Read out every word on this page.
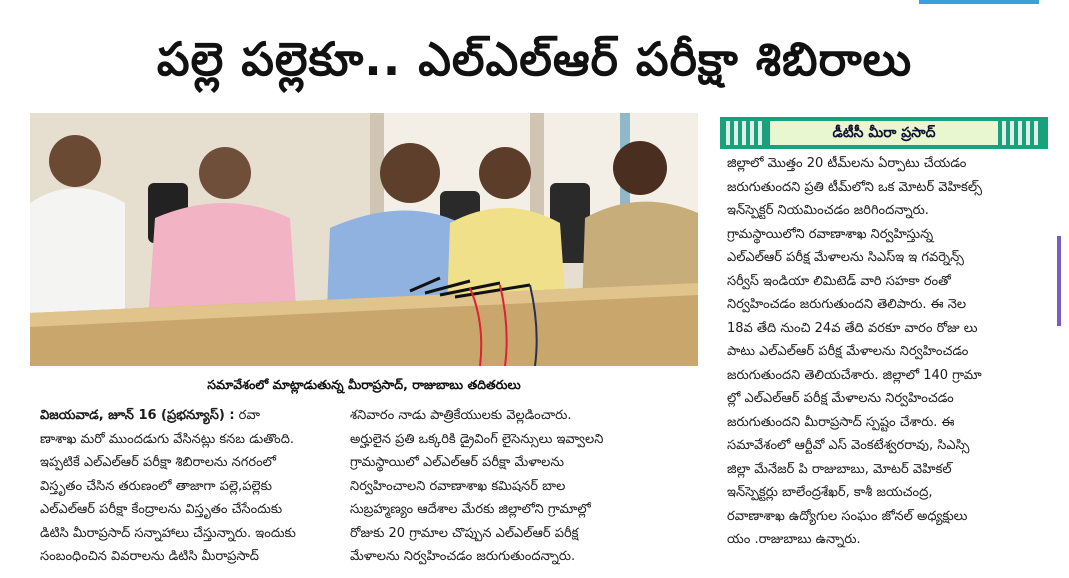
పల్లె పల్లెకూ.. ఎల్‌ఎల్‌ఆర్ పరీక్షా శిబిరాలు
సమావేశంలో మాట్లాడుతున్న మీరాప్రసాద్, రాజుబాబు తదితరులు
డీటీసీ మీరా ప్రసాద్

విజయవాడ, జూన్ 16 (ప్రభన్యూస్) : రవా

ణాశాఖ మరో ముందడుగు వేసినట్లు కనబ డుతొంది.

ఇప్పటికే ఎల్ఎల్ఆర్ పరీక్షా శిబిరాలను నగరంలో

విస్తృతం చేసిన తరుణంలో తాజాగా పల్లె,పల్లెకు

ఎల్ఎల్ఆర్ పరీక్షా కేంద్రాలను విస్తృతం చేసేందుకు

డిటిసి మీరాప్రసాద్ సన్నాహాలు చేస్తున్నారు. ఇందుకు

సంబంధించిన వివరాలను డిటిసి మీరాప్రసాద్

శనివారం నాడు పాత్రికేయులకు వెల్లడించారు.

అర్హులైన ప్రతి ఒక్కరికి డ్రైవింగ్ లైసెన్సులు ఇవ్వాలని

గ్రామస్థాయిలో ఎల్ఎల్ఆర్ పరీక్షా మేళాలను

నిర్వహించాలని రవాణాశాఖ కమిషనర్ బాల

సుబ్రహ్మణ్యం ఆదేశాల మేరకు జిల్లాలోని గ్రామాల్లో

రోజుకు 20 గ్రామాల చొప్పున ఎల్ఎల్ఆర్ పరీక్ష

మేళాలను నిర్వహించడం జరుగుతుందన్నారు.

జిల్లాలో మొత్తం 20 టీమ్‌లను ఏర్పాటు చేయడం

జరుగుతుందని ప్రతి టీమ్‌లోని ఒక మోటర్ వెహికల్స్

ఇన్‌స్పెక్టర్ నియమించడం జరిగిందన్నారు.

గ్రామస్థాయిలోని రవాణాశాఖ నిర్వహిస్తున్న

ఎల్ఎల్ఆర్ పరీక్ష మేళాలను సిఎస్ఇ ఇ గవర్నెన్స్

సర్వీస్ ఇండియా లిమిటెడ్ వారి సహకా రంతో

నిర్వహించడం జరుగుతుందని తెలిపారు. ఈ నెల

18వ తేది నుంచి 24వ తేది వరకూ వారం రోజు లు

పాటు ఎల్ఎల్ఆర్ పరీక్ష మేళాలను నిర్వహించడం

జరుగుతుందని తెలియచేశారు. జిల్లాలో 140 గ్రామా

ల్లో ఎల్ఎల్ఆర్ పరీక్ష మేళాలను నిర్వహించడం

జరుగుతుందని మీరాప్రసాద్ స్పష్టం చేశారు. ఈ

సమావేశంలో ఆర్టీవో ఎస్ వెంకటేశ్వరరావు, సిఎస్సి

జిల్లా మేనేజర్ పి రాజుబాబు, మోటర్ వెహికల్

ఇన్‌స్పెక్టర్లు బాలేంద్రశేఖర్, కాశీ జయచంద్ర,

రవాణాశాఖ ఉద్యోగుల సంఘం జోనల్ అధ్యక్షులు

యం .రాజుబాబు ఉన్నారు.
